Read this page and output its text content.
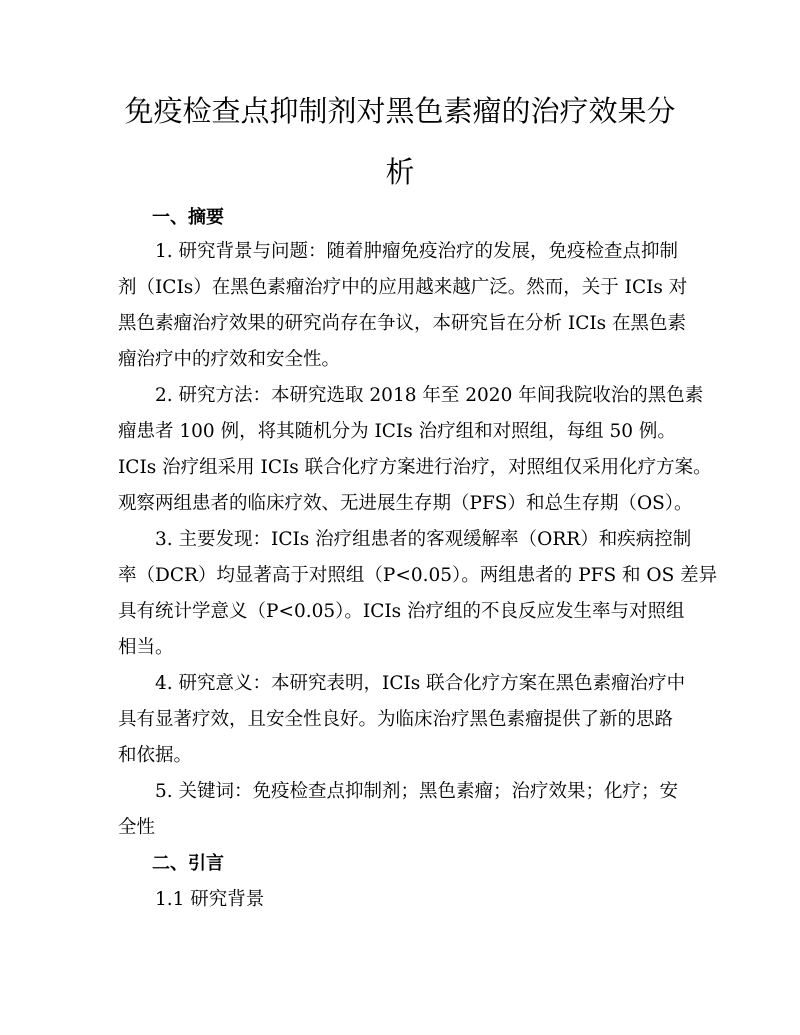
免疫检查点抑制剂对黑色素瘤的治疗效果分
析
一、摘要
1. 研究背景与问题：随着肿瘤免疫治疗的发展，免疫检查点抑制
剂（ICIs）在黑色素瘤治疗中的应用越来越广泛。然而，关于 ICIs 对
黑色素瘤治疗效果的研究尚存在争议，本研究旨在分析 ICIs 在黑色素
瘤治疗中的疗效和安全性。
2. 研究方法：本研究选取 2018 年至 2020 年间我院收治的黑色素
瘤患者 100 例，将其随机分为 ICIs 治疗组和对照组，每组 50 例。
ICIs 治疗组采用 ICIs 联合化疗方案进行治疗，对照组仅采用化疗方案。
观察两组患者的临床疗效、无进展生存期（PFS）和总生存期（OS）。
3. 主要发现：ICIs 治疗组患者的客观缓解率（ORR）和疾病控制
率（DCR）均显著高于对照组（P<0.05）。两组患者的 PFS 和 OS 差异
具有统计学意义（P<0.05）。ICIs 治疗组的不良反应发生率与对照组
相当。
4. 研究意义：本研究表明，ICIs 联合化疗方案在黑色素瘤治疗中
具有显著疗效，且安全性良好。为临床治疗黑色素瘤提供了新的思路
和依据。
5. 关键词：免疫检查点抑制剂；黑色素瘤；治疗效果；化疗；安
全性
二、引言
1.1 研究背景
